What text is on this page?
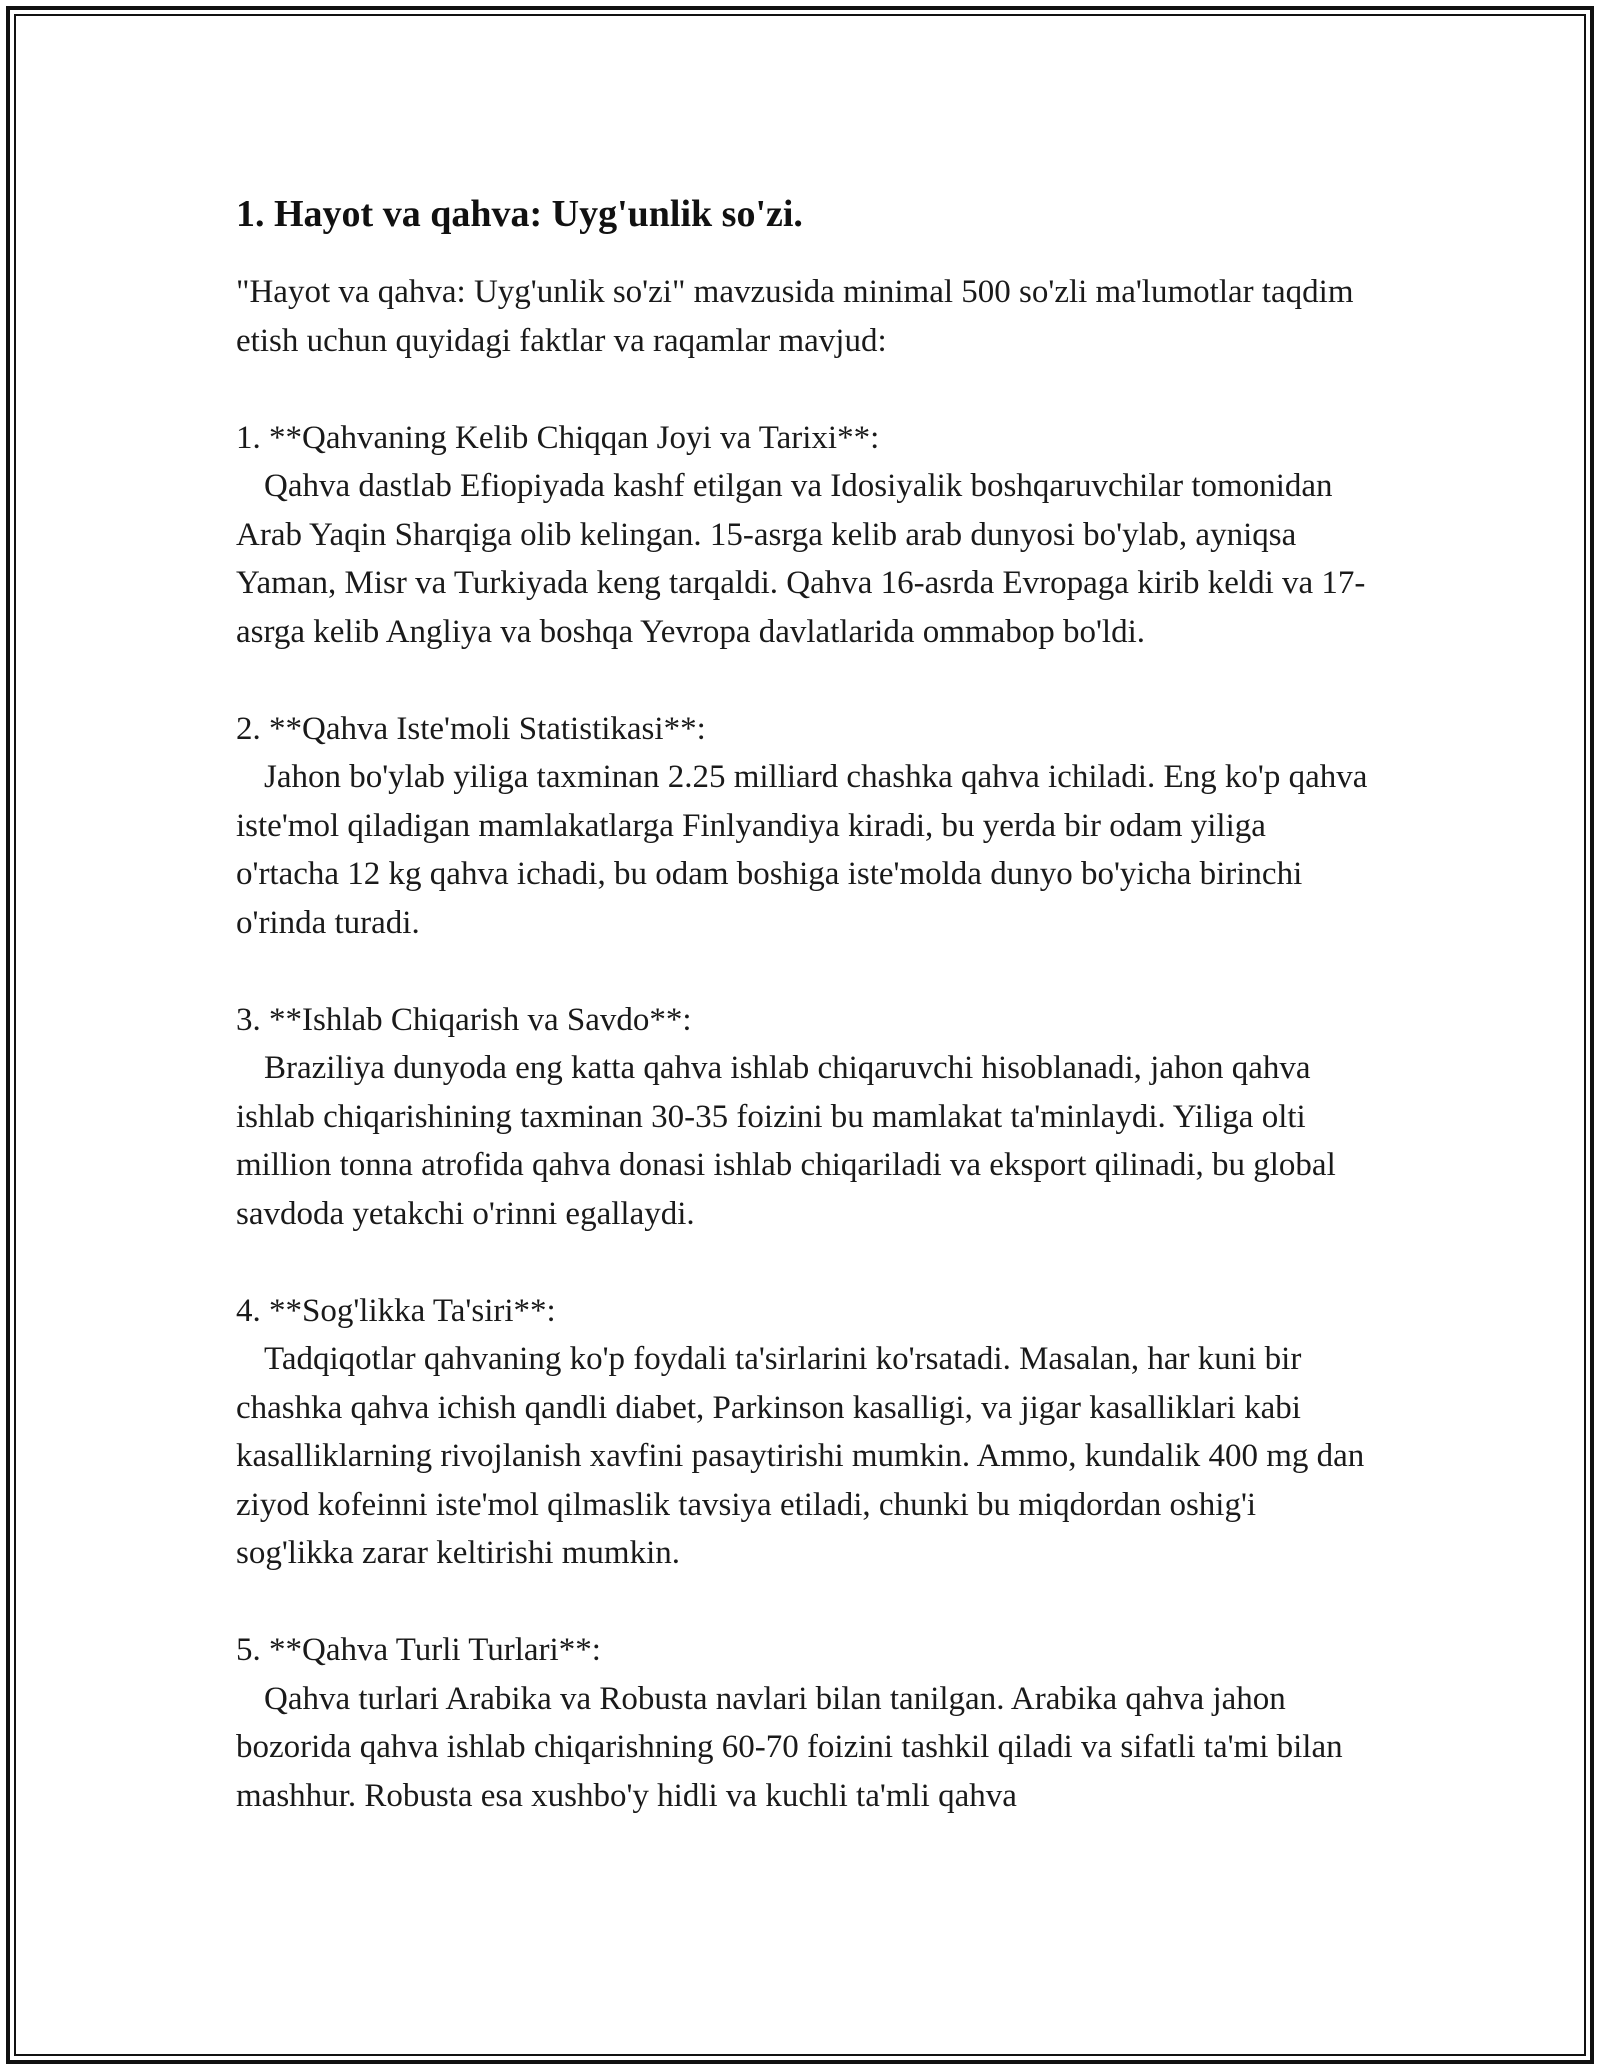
1. Hayot va qahva: Uyg'unlik so'zi.

"Hayot va qahva: Uyg'unlik so'zi" mavzusida minimal 500 so'zli ma'lumotlar taqdim etish uchun quyidagi faktlar va raqamlar mavjud:

1. **Qahvaning Kelib Chiqqan Joyi va Tarixi**:

Qahva dastlab Efiopiyada kashf etilgan va Idosiyalik boshqaruvchilar tomonidan Arab Yaqin Sharqiga olib kelingan. 15-asrga kelib arab dunyosi bo'ylab, ayniqsa Yaman, Misr va Turkiyada keng tarqaldi. Qahva 16-asrda Evropaga kirib keldi va 17-asrga kelib Angliya va boshqa Yevropa davlatlarida ommabop bo'ldi.

2. **Qahva Iste'moli Statistikasi**:

Jahon bo'ylab yiliga taxminan 2.25 milliard chashka qahva ichiladi. Eng ko'p qahva iste'mol qiladigan mamlakatlarga Finlyandiya kiradi, bu yerda bir odam yiliga o'rtacha 12 kg qahva ichadi, bu odam boshiga iste'molda dunyo bo'yicha birinchi o'rinda turadi.

3. **Ishlab Chiqarish va Savdo**:

Braziliya dunyoda eng katta qahva ishlab chiqaruvchi hisoblanadi, jahon qahva ishlab chiqarishining taxminan 30-35 foizini bu mamlakat ta'minlaydi. Yiliga olti million tonna atrofida qahva donasi ishlab chiqariladi va eksport qilinadi, bu global savdoda yetakchi o'rinni egallaydi.

4. **Sog'likka Ta'siri**:

Tadqiqotlar qahvaning ko'p foydali ta'sirlarini ko'rsatadi. Masalan, har kuni bir chashka qahva ichish qandli diabet, Parkinson kasalligi, va jigar kasalliklari kabi kasalliklarning rivojlanish xavfini pasaytirishi mumkin. Ammo, kundalik 400 mg dan ziyod kofeinni iste'mol qilmaslik tavsiya etiladi, chunki bu miqdordan oshig'i sog'likka zarar keltirishi mumkin.

5. **Qahva Turli Turlari**:

Qahva turlari Arabika va Robusta navlari bilan tanilgan. Arabika qahva jahon bozorida qahva ishlab chiqarishning 60-70 foizini tashkil qiladi va sifatli ta'mi bilan mashhur. Robusta esa xushbo'y hidli va kuchli ta'mli qahva
